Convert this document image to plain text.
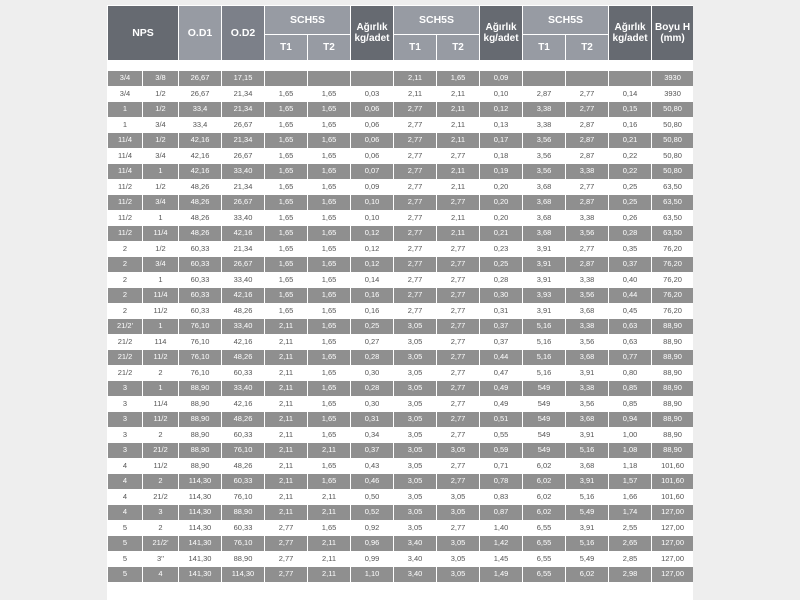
NPS		O.D1	O.D2	SCH5S		Ağırlık kg/adet	SCH5S		Ağırlık kg/adet	SCH5S		Ağırlık kg/adet	Boyu H (mm)
				T1	T2		T1	T2		T1	T2		

3/4	3/8	26,67	17,15				2,11	1,65	0,09				3930
3/4	1/2	26,67	21,34	1,65	1,65	0,03	2,11	2,11	0,10	2,87	2,77	0,14	3930
1	1/2	33,4	21,34	1,65	1,65	0,06	2,77	2,11	0,12	3,38	2,77	0,15	50,80
1	3/4	33,4	26,67	1,65	1,65	0,06	2,77	2,11	0,13	3,38	2,87	0,16	50,80
11/4	1/2	42,16	21,34	1,65	1,65	0,06	2,77	2,11	0,17	3,56	2,87	0,21	50,80
11/4	3/4	42,16	26,67	1,65	1,65	0,06	2,77	2,77	0,18	3,56	2,87	0,22	50,80
11/4	1	42,16	33,40	1,65	1,65	0,07	2,77	2,11	0,19	3,56	3,38	0,22	50,80
11/2	1/2	48,26	21,34	1,65	1,65	0,09	2,77	2,11	0,20	3,68	2,77	0,25	63,50
11/2	3/4	48,26	26,67	1,65	1,65	0,10	2,77	2,77	0,20	3,68	2,87	0,25	63,50
11/2	1	48,26	33,40	1,65	1,65	0,10	2,77	2,11	0,20	3,68	3,38	0,26	63,50
11/2	11/4	48,26	42,16	1,65	1,65	0,12	2,77	2,11	0,21	3,68	3,56	0,28	63,50
2	1/2	60,33	21,34	1,65	1,65	0,12	2,77	2,77	0,23	3,91	2,77	0,35	76,20
2	3/4	60,33	26,67	1,65	1,65	0,12	2,77	2,77	0,25	3,91	2,87	0,37	76,20
2	1	60,33	33,40	1,65	1,65	0,14	2,77	2,77	0,28	3,91	3,38	0,40	76,20
2	11/4	60,33	42,16	1,65	1,65	0,16	2,77	2,77	0,30	3,93	3,56	0,44	76,20
2	11/2	60,33	48,26	1,65	1,65	0,16	2,77	2,77	0,31	3,91	3,68	0,45	76,20
21/2'	1	76,10	33,40	2,11	1,65	0,25	3,05	2,77	0,37	5,16	3,38	0,63	88,90
21/2	114	76,10	42,16	2,11	1,65	0,27	3,05	2,77	0,37	5,16	3,56	0,63	88,90
21/2	11/2	76,10	48,26	2,11	1,65	0,28	3,05	2,77	0,44	5,16	3,68	0,77	88,90
21/2	2	76,10	60,33	2,11	1,65	0,30	3,05	2,77	0,47	5,16	3,91	0,80	88,90
3	1	88,90	33,40	2,11	1,65	0,28	3,05	2,77	0,49	549	3,38	0,85	88,90
3	11/4	88,90	42,16	2,11	1,65	0,30	3,05	2,77	0,49	549	3,56	0,85	88,90
3	11/2	88,90	48,26	2,11	1,65	0,31	3,05	2,77	0,51	549	3,68	0,94	88,90
3	2	88,90	60,33	2,11	1,65	0,34	3,05	2,77	0,55	549	3,91	1,00	88,90
3	21/2	88,90	76,10	2,11	2,11	0,37	3,05	3,05	0,59	549	5,16	1,08	88,90
4	11/2	88,90	48,26	2,11	1,65	0,43	3,05	2,77	0,71	6,02	3,68	1,18	101,60
4	2	114,30	60,33	2,11	1,65	0,46	3,05	2,77	0,78	6,02	3,91	1,57	101,60
4	21/2	114,30	76,10	2,11	2,11	0,50	3,05	3,05	0,83	6,02	5,16	1,66	101,60
4	3	114,30	88,90	2,11	2,11	0,52	3,05	3,05	0,87	6,02	5,49	1,74	127,00
5	2	114,30	60,33	2,77	1,65	0,92	3,05	2,77	1,40	6,55	3,91	2,55	127,00
5	21/2'	141,30	76,10	2,77	2,11	0,96	3,40	3,05	1,42	6,55	5,16	2,65	127,00
5	3''	141,30	88,90	2,77	2,11	0,99	3,40	3,05	1,45	6,55	5,49	2,85	127,00
5	4	141,30	114,30	2,77	2,11	1,10	3,40	3,05	1,49	6,55	6,02	2,98	127,00
